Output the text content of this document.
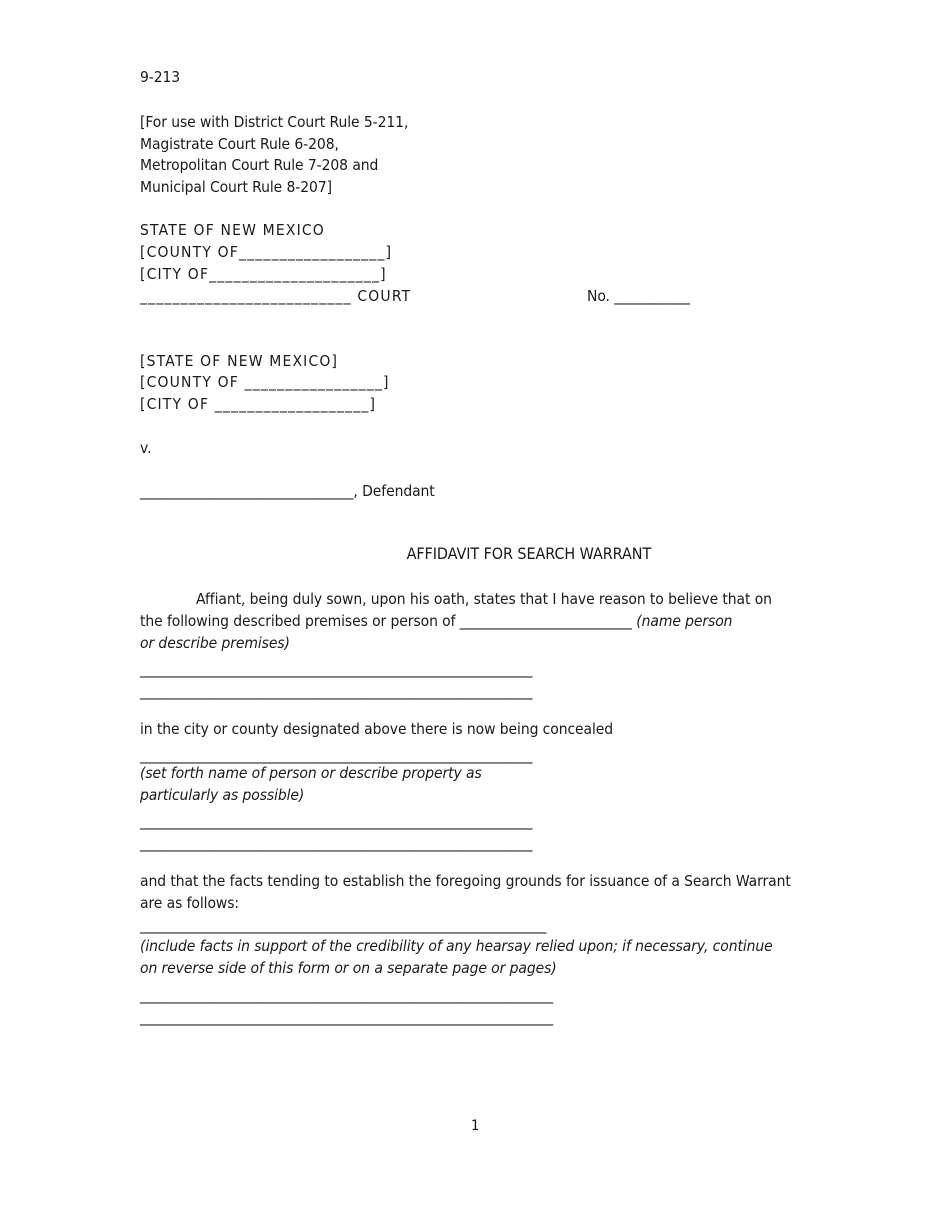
9-213
[For use with District Court Rule 5-211,
Magistrate Court Rule 6-208,
Metropolitan Court Rule 7-208 and
Municipal Court Rule 8-207]
STATE OF NEW MEXICO
[COUNTY OF__________________]
[CITY OF_____________________]
__________________________ COURT	No. ___________
[STATE OF NEW MEXICO]
[COUNTY OF _________________]
[CITY OF ___________________]
v.
_______________________________, Defendant
AFFIDAVIT FOR SEARCH WARRANT
Affiant, being duly sown, upon his oath, states that I have reason to believe that on
the following described premises or person of _________________________ (name person
or describe premises)
_________________________________________________________
_________________________________________________________
in the city or county designated above there is now being concealed
_________________________________________________________
(set forth name of person or describe property as
particularly as possible)
_________________________________________________________
_________________________________________________________
and that the facts tending to establish the foregoing grounds for issuance of a Search Warrant
are as follows:
___________________________________________________________
(include facts in support of the credibility of any hearsay relied upon; if necessary, continue
on reverse side of this form or on a separate page or pages)
____________________________________________________________
____________________________________________________________
1
